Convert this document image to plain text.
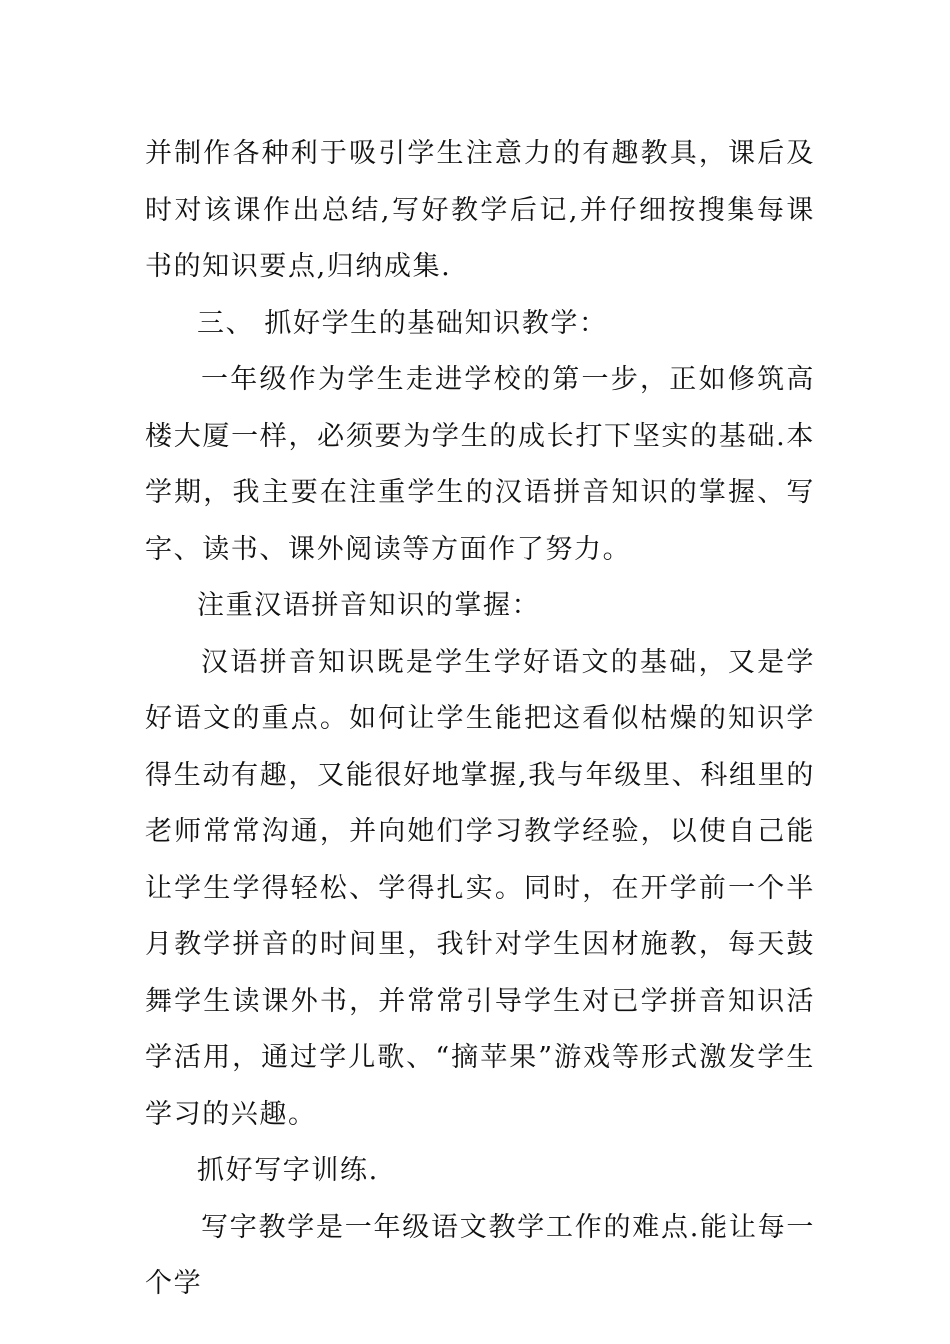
并制作各种利于吸引学生注意力的有趣教具，课后及时对该课作出总结,写好教学后记,并仔细按搜集每课书的知识要点,归纳成集.

三、 抓好学生的基础知识教学：

一年级作为学生走进学校的第一步，正如修筑高楼大厦一样，必须要为学生的成长打下坚实的基础.本学期，我主要在注重学生的汉语拼音知识的掌握、写字、读书、课外阅读等方面作了努力。

注重汉语拼音知识的掌握：

汉语拼音知识既是学生学好语文的基础，又是学好语文的重点。如何让学生能把这看似枯燥的知识学得生动有趣，又能很好地掌握,我与年级里、科组里的老师常常沟通，并向她们学习教学经验，以使自己能让学生学得轻松、学得扎实。同时，在开学前一个半月教学拼音的时间里，我针对学生因材施教，每天鼓舞学生读课外书，并常常引导学生对已学拼音知识活学活用，通过学儿歌、“摘苹果”游戏等形式激发学生学习的兴趣。

抓好写字训练.

写字教学是一年级语文教学工作的难点.能让每一个学
